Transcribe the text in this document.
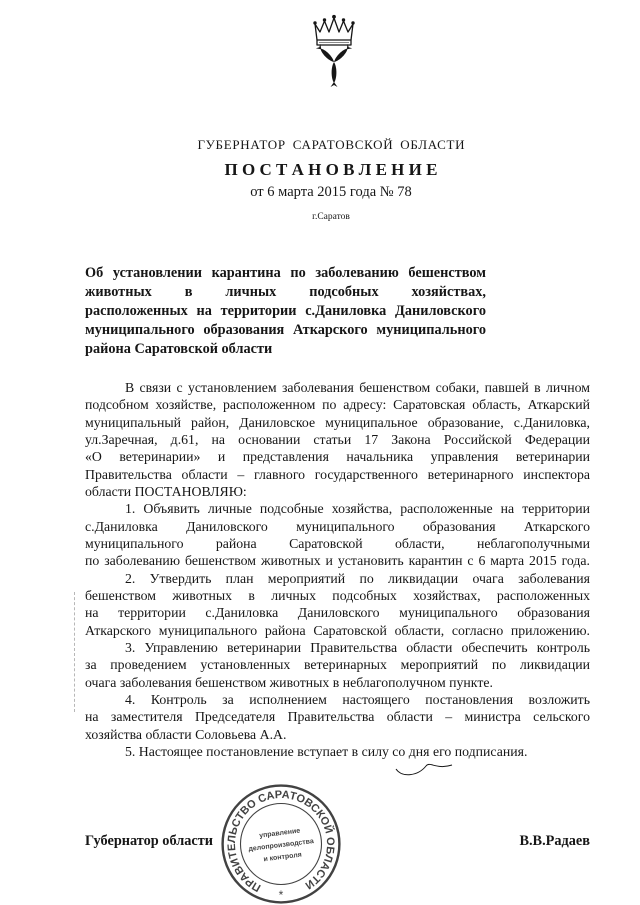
ГУБЕРНАТОР САРАТОВСКОЙ ОБЛАСТИ
П О С Т А Н О В Л Е Н И Е
от 6 марта 2015 года № 78
г.Саратов
Об установлении карантина по заболеванию бешенством
животных в личных подсобных хозяйствах,
расположенных на территории с.Даниловка Даниловского
муниципального образования Аткарского муниципального
района Саратовской области
В связи с установлением заболевания бешенством собаки, павшей в личном
подсобном хозяйстве, расположенном по адресу: Саратовская область, Аткарский
муниципальный район, Даниловское муниципальное образование, с.Даниловка,
ул.Заречная, д.61, на основании статьи 17 Закона Российской Федерации
«О ветеринарии» и представления начальника управления ветеринарии
Правительства области – главного государственного ветеринарного инспектора
области ПОСТАНОВЛЯЮ:
1. Объявить личные подсобные хозяйства, расположенные на территории
с.Даниловка Даниловского муниципального образования Аткарского
муниципального района Саратовской области, неблагополучными
по заболеванию бешенством животных и установить карантин с 6 марта 2015 года.
2. Утвердить план мероприятий по ликвидации очага заболевания
бешенством животных в личных подсобных хозяйствах, расположенных
на территории с.Даниловка Даниловского муниципального образования
Аткарского муниципального района Саратовской области, согласно приложению.
3. Управлению ветеринарии Правительства области обеспечить контроль
за проведением установленных ветеринарных мероприятий по ликвидации
очага заболевания бешенством животных в неблагополучном пункте.
4. Контроль за исполнением настоящего постановления возложить
на заместителя Председателя Правительства области – министра сельского
хозяйства области Соловьева А.А.
5. Настоящее постановление вступает в силу со дня его подписания.
Губернатор области	В.В.Радаев
ПРАВИТЕЛЬСТВО САРАТОВСКОЙ ОБЛАСТИ
управление
делопроизводства
и контроля
*
